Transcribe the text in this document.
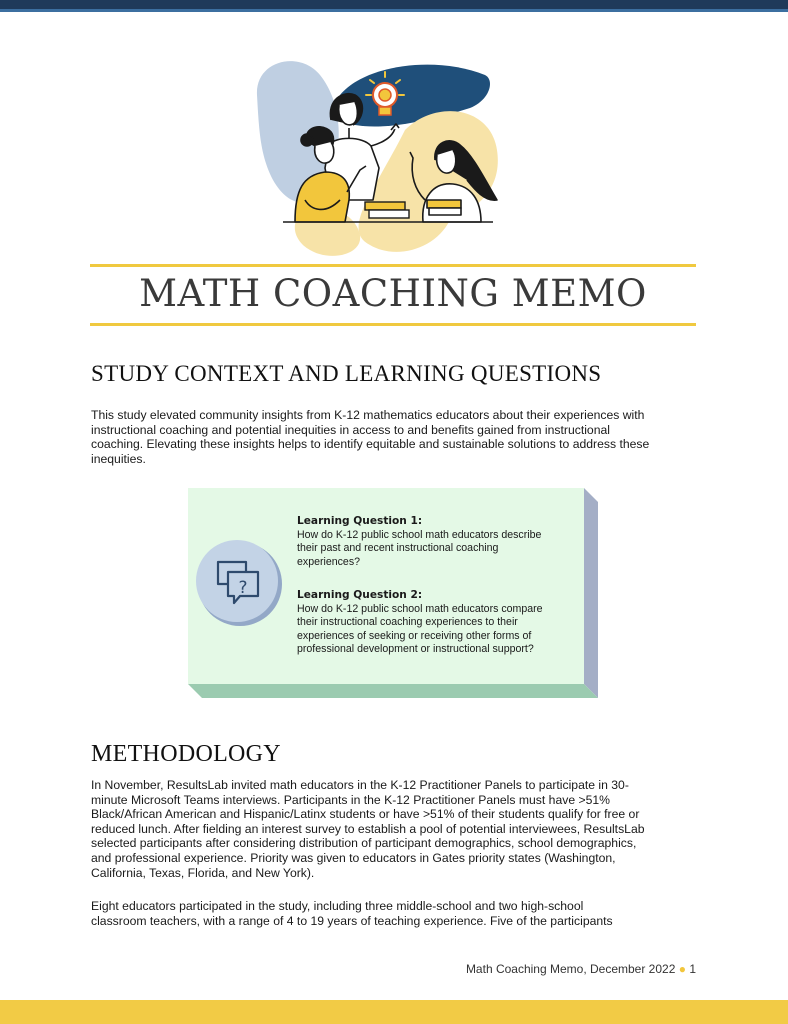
MATH COACHING MEMO
STUDY CONTEXT AND LEARNING QUESTIONS
This study elevated community insights from K-12 mathematics educators about their experiences with
instructional coaching and potential inequities in access to and benefits gained from instructional
coaching. Elevating these insights helps to identify equitable and sustainable solutions to address these
inequities.
?
Learning Question 1:
How do K-12 public school math educators describe
their past and recent instructional coaching
experiences?
Learning Question 2:
How do K-12 public school math educators compare
their instructional coaching experiences to their
experiences of seeking or receiving other forms of
professional development or instructional support?
METHODOLOGY
In November, ResultsLab invited math educators in the K-12 Practitioner Panels to participate in 30-
minute Microsoft Teams interviews. Participants in the K-12 Practitioner Panels must have >51%
Black/African American and Hispanic/Latinx students or have >51% of their students qualify for free or
reduced lunch. After fielding an interest survey to establish a pool of potential interviewees, ResultsLab
selected participants after considering distribution of participant demographics, school demographics,
and professional experience. Priority was given to educators in Gates priority states (Washington,
California, Texas, Florida, and New York).
Eight educators participated in the study, including three middle-school and two high-school
classroom teachers, with a range of 4 to 19 years of teaching experience. Five of the participants
Math Coaching Memo, December 2022 ● 1
